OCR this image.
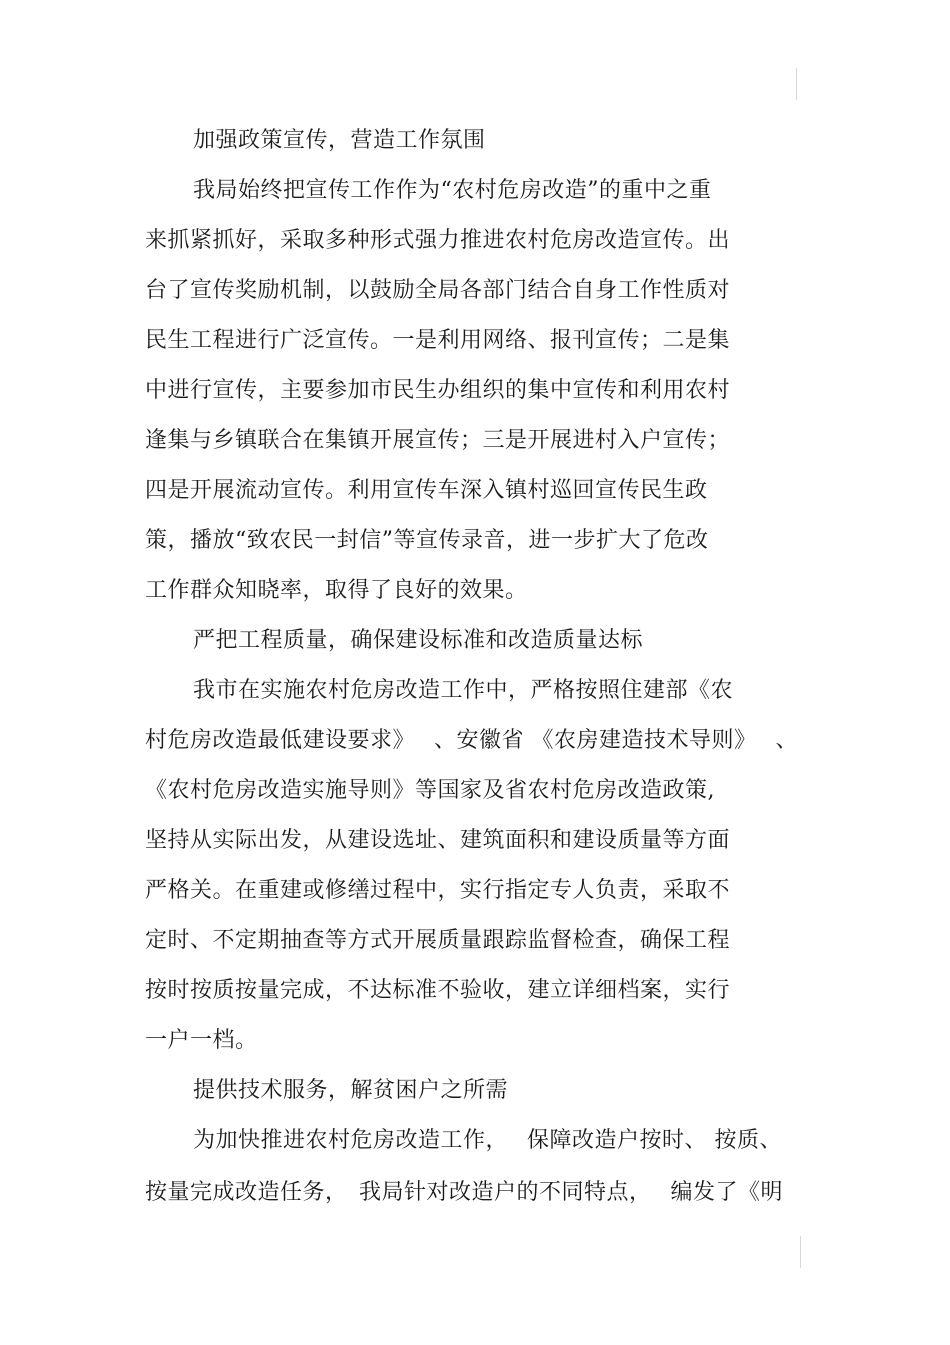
加强政策宣传，营造工作氛围
我局始终把宣传工作作为“农村危房改造”的重中之重
来抓紧抓好，采取多种形式强力推进农村危房改造宣传。出
台了宣传奖励机制，以鼓励全局各部门结合自身工作性质对
民生工程进行广泛宣传。一是利用网络、报刊宣传；二是集
中进行宣传，主要参加市民生办组织的集中宣传和利用农村
逢集与乡镇联合在集镇开展宣传；三是开展进村入户宣传；
四是开展流动宣传。利用宣传车深入镇村巡回宣传民生政
策，播放“致农民一封信”等宣传录音，进一步扩大了危改
工作群众知晓率，取得了良好的效果。
严把工程质量，确保建设标准和改造质量达标
我市在实施农村危房改造工作中，严格按照住建部《农
村危房改造最低建设要求》　 、安徽省 《农房建造技术导则》　 、
《农村危房改造实施导则》等国家及省农村危房改造政策,
坚持从实际出发，从建设选址、建筑面积和建设质量等方面
严格关。在重建或修缮过程中，实行指定专人负责，采取不
定时、不定期抽查等方式开展质量跟踪监督检查，确保工程
按时按质按量完成，不达标准不验收，建立详细档案，实行
一户一档。
提供技术服务，解贫困户之所需
为加快推进农村危房改造工作，　 保障改造户按时、 按质、
按量完成改造任务，　我局针对改造户的不同特点，　 编发了《明
